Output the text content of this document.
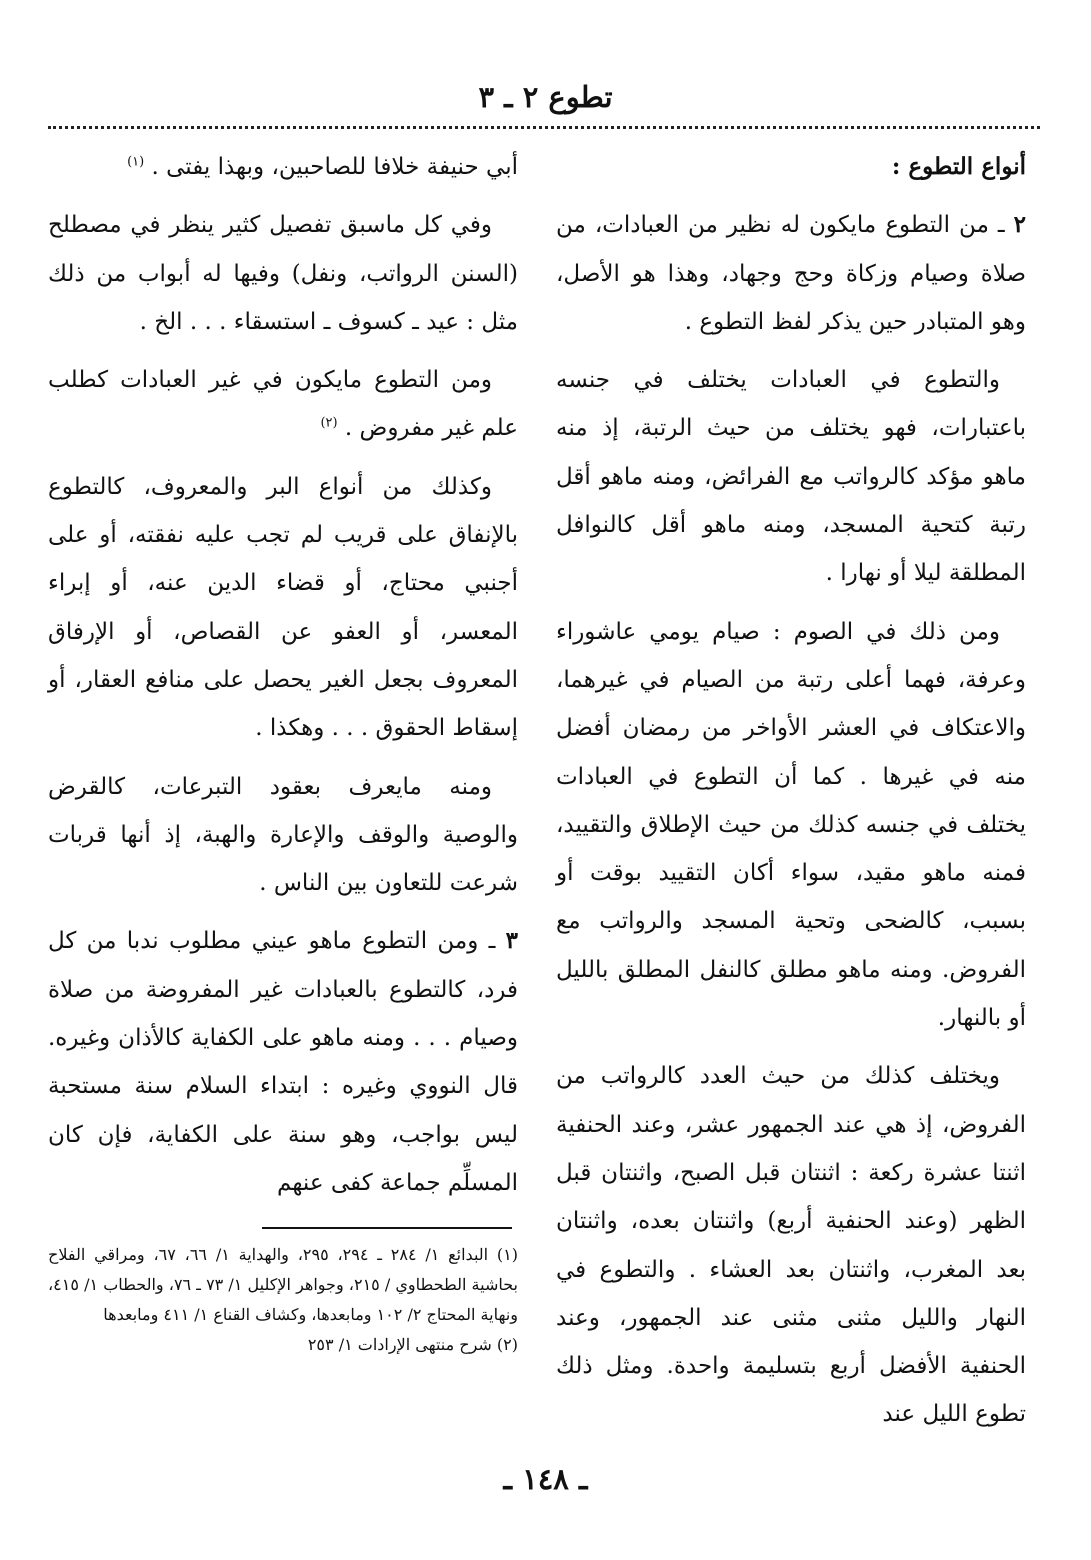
تطوع ٢ ـ ٣

أنواع التطوع :

٢ ـ من التطوع مايكون له نظير من العبادات، من صلاة وصيام وزكاة وحج وجهاد، وهذا هو الأصل، وهو المتبادر حين يذكر لفظ التطوع .

والتطوع في العبادات يختلف في جنسه باعتبارات، فهو يختلف من حيث الرتبة، إذ منه ماهو مؤكد كالرواتب مع الفرائض، ومنه ماهو أقل رتبة كتحية المسجد، ومنه ماهو أقل كالنوافل المطلقة ليلا أو نهارا .

ومن ذلك في الصوم : صيام يومي عاشوراء وعرفة، فهما أعلى رتبة من الصيام في غيرهما، والاعتكاف في العشر الأواخر من رمضان أفضل منه في غيرها . كما أن التطوع في العبادات يختلف في جنسه كذلك من حيث الإطلاق والتقييد، فمنه ماهو مقيد، سواء أكان التقييد بوقت أو بسبب، كالضحى وتحية المسجد والرواتب مع الفروض. ومنه ماهو مطلق كالنفل المطلق بالليل أو بالنهار.

ويختلف كذلك من حيث العدد كالرواتب من الفروض، إذ هي عند الجمهور عشر، وعند الحنفية اثنتا عشرة ركعة : اثنتان قبل الصبح، واثنتان قبل الظهر (وعند الحنفية أربع) واثنتان بعده، واثنتان بعد المغرب، واثنتان بعد العشاء . والتطوع في النهار والليل مثنى مثنى عند الجمهور، وعند الحنفية الأفضل أربع بتسليمة واحدة. ومثل ذلك تطوع الليل عند

أبي حنيفة خلافا للصاحبين، وبهذا يفتى . $^{(١)}$

وفي كل ماسبق تفصيل كثير ينظر في مصطلح (السنن الرواتب، ونفل) وفيها له أبواب من ذلك مثل : عيد ـ كسوف ـ استسقاء . . . الخ .

ومن التطوع مايكون في غير العبادات كطلب علم غير مفروض . $^{(٢)}$

وكذلك من أنواع البر والمعروف، كالتطوع بالإنفاق على قريب لم تجب عليه نفقته، أو على أجنبي محتاج، أو قضاء الدين عنه، أو إبراء المعسر، أو العفو عن القصاص، أو الإرفاق المعروف بجعل الغير يحصل على منافع العقار، أو إسقاط الحقوق . . . وهكذا .

ومنه مايعرف بعقود التبرعات، كالقرض والوصية والوقف والإعارة والهبة، إذ أنها قربات شرعت للتعاون بين الناس .

٣ ـ ومن التطوع ماهو عيني مطلوب ندبا من كل فرد، كالتطوع بالعبادات غير المفروضة من صلاة وصيام . . . ومنه ماهو على الكفاية كالأذان وغيره. قال النووي وغيره : ابتداء السلام سنة مستحبة ليس بواجب، وهو سنة على الكفاية، فإن كان المسلِّم جماعة كفى عنهم

(١) البدائع ١/ ٢٨٤ ـ ٢٩٤، ٢٩٥، والهداية ١/ ٦٦، ٦٧، ومراقي الفلاح بحاشية الطحطاوي / ٢١٥، وجواهر الإكليل ١/ ٧٣ ـ ٧٦، والحطاب ١/ ٤١٥، ونهاية المحتاج ٢/ ١٠٢ ومابعدها، وكشاف القناع ١/ ٤١١ ومابعدها

(٢) شرح منتهى الإرادات ١/ ٢٥٣

ـ ١٤٨ ـ
